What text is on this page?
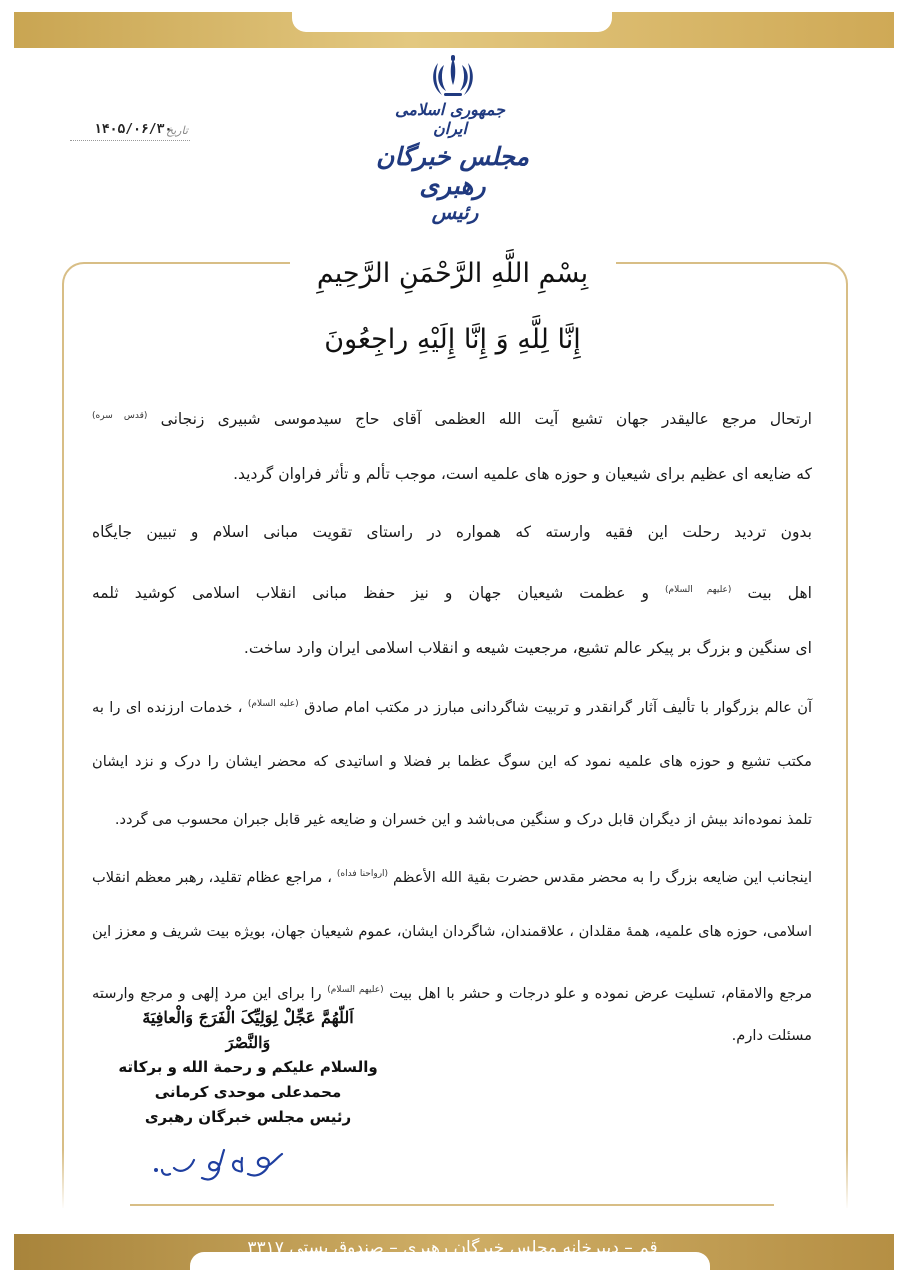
جمهوری اسلامی ایران
مجلس خبرگان رهبری
رئیس
تاریخ
۱۴۰۵/۰۶/۳۰
بِسْمِ اللَّهِ الرَّحْمَنِ الرَّحِيمِ
إِنَّا لِلَّهِ وَ إِنَّا إِلَيْهِ راجِعُونَ

ارتحال مرجع عالیقدر جهان تشیع آیت الله العظمی آقای حاج سیدموسی شبیری زنجانی $^{(قدس سره)}$

که ضایعه ای عظیم برای شیعیان و حوزه های علمیه است، موجب تألم و تأثر فراوان گردید.

بدون تردید رحلت این فقیه وارسته که همواره در راستای تقویت مبانی اسلام و تبیین جایگاه

اهل بیت $^{(علیهم السلام)}$ و عظمت شیعیان جهان و نیز حفظ مبانی انقلاب اسلامی کوشید ثلمه

ای سنگین و بزرگ بر پیکر عالم تشیع، مرجعیت شیعه و انقلاب اسلامی ایران وارد ساخت.

آن عالم بزرگوار با تألیف آثار گرانقدر و تربیت شاگردانی مبارز در مکتب امام صادق $^{(علیه السلام)}$ ، خدمات ارزنده ای را به

مکتب تشیع و حوزه های علمیه نمود که این سوگ عظما بر فضلا و اساتیدی که محضر ایشان را درک و نزد ایشان

تلمذ نموده‌اند بیش از دیگران قابل درک و سنگین می‌باشد و این خسران و ضایعه غیر قابل جبران محسوب می گردد.

اینجانب این ضایعه بزرگ را به محضر مقدس حضرت بقیة الله الأعظم $^{(ارواحنا فداه)}$ ، مراجع عظام تقلید، رهبر معظم انقلاب

اسلامی، حوزه های علمیه، همهٔ مقلدان ، علاقمندان، شاگردان ایشان، عموم شیعیان جهان، بویژه بیت شریف و معزز این

مرجع والامقام، تسلیت عرض نموده و علو درجات و حشر با اهل بیت $^{(علیهم السلام)}$ را برای این مرد إلهی و مرجع وارسته مسئلت دارم.

اَللّهُمَّ عَجِّلْ لِوَلِیِّکَ الْفَرَجَ وَالْعافِيَةَ وَالنَّصْرَ
والسلام علیکم و رحمة الله و برکاته
محمدعلی موحدی کرمانی
رئیس مجلس خبرگان رهبری
قم – دبیرخانه مجلس خبرگان رهبری – صندوق پستی ۳۳۱۷
